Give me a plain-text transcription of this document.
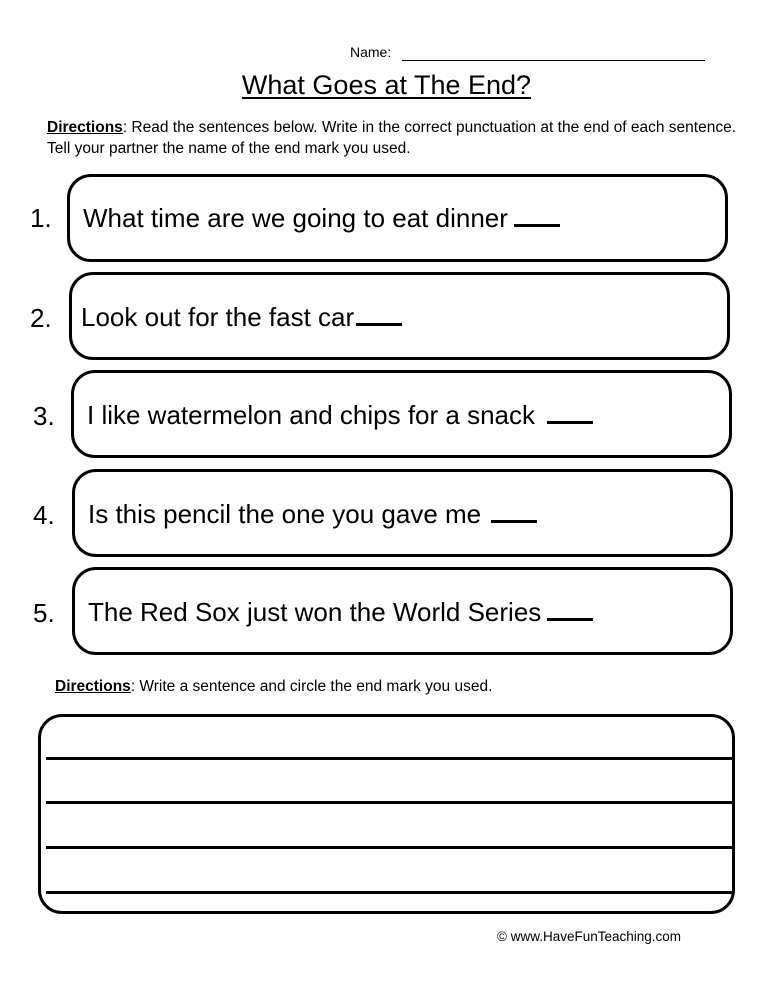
Name:
What Goes at The End?
Directions: Read the sentences below. Write in the correct punctuation at the end of each sentence. Tell your partner the name of the end mark you used.
1. What time are we going to eat dinner
2. Look out for the fast car
3. I like watermelon and chips for a snack
4. Is this pencil the one you gave me
5. The Red Sox just won the World Series
Directions: Write a sentence and circle the end mark you used.
© www.HaveFunTeaching.com
